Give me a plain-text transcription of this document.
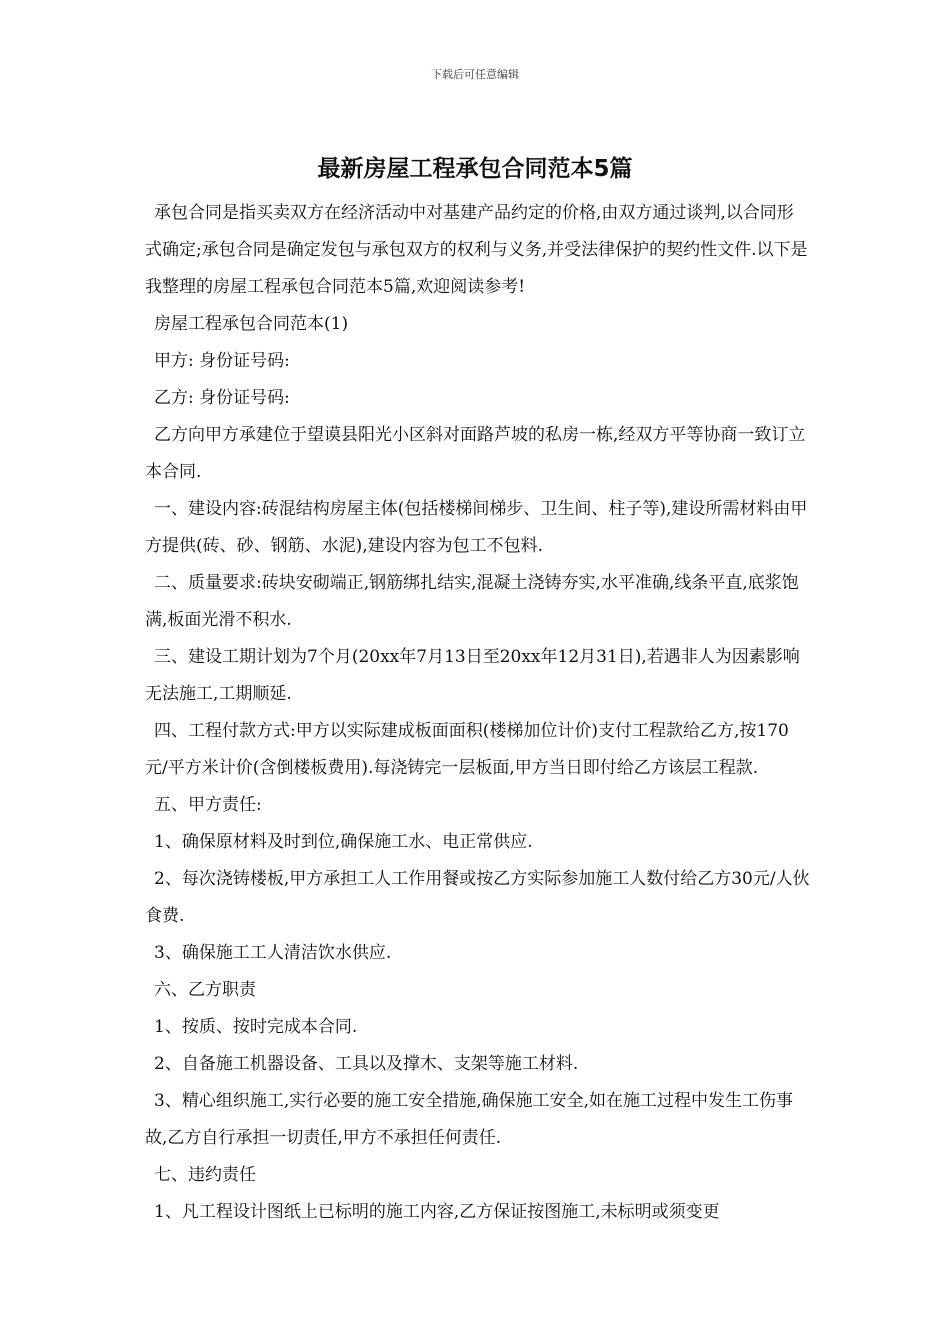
下载后可任意编辑
最新房屋工程承包合同范本5篇

承包合同是指买卖双方在经济活动中对基建产品约定的价格,由双方通过谈判,以合同形式确定;承包合同是确定发包与承包双方的权利与义务,并受法律保护的契约性文件.以下是我整理的房屋工程承包合同范本5篇,欢迎阅读参考!

房屋工程承包合同范本(1)

甲方: 身份证号码:

乙方: 身份证号码:

乙方向甲方承建位于望谟县阳光小区斜对面路芦坡的私房一栋,经双方平等协商一致订立本合同.

一、建设内容:砖混结构房屋主体(包括楼梯间梯步、卫生间、柱子等),建设所需材料由甲方提供(砖、砂、钢筋、水泥),建设内容为包工不包料.

二、质量要求:砖块安砌端正,钢筋绑扎结实,混凝土浇铸夯实,水平准确,线条平直,底浆饱满,板面光滑不积水.

三、建设工期计划为7个月(20xx年7月13日至20xx年12月31日),若遇非人为因素影响无法施工,工期顺延.

四、工程付款方式:甲方以实际建成板面面积(楼梯加位计价)支付工程款给乙方,按170元/平方米计价(含倒楼板费用).每浇铸完一层板面,甲方当日即付给乙方该层工程款.

五、甲方责任:

1、确保原材料及时到位,确保施工水、电正常供应.

2、每次浇铸楼板,甲方承担工人工作用餐或按乙方实际参加施工人数付给乙方30元/人伙食费.

3、确保施工工人清洁饮水供应.

六、乙方职责

1、按质、按时完成本合同.

2、自备施工机器设备、工具以及撑木、支架等施工材料.

3、精心组织施工,实行必要的施工安全措施,确保施工安全,如在施工过程中发生工伤事故,乙方自行承担一切责任,甲方不承担任何责任.

七、违约责任

1、凡工程设计图纸上已标明的施工内容,乙方保证按图施工,未标明或须变更
